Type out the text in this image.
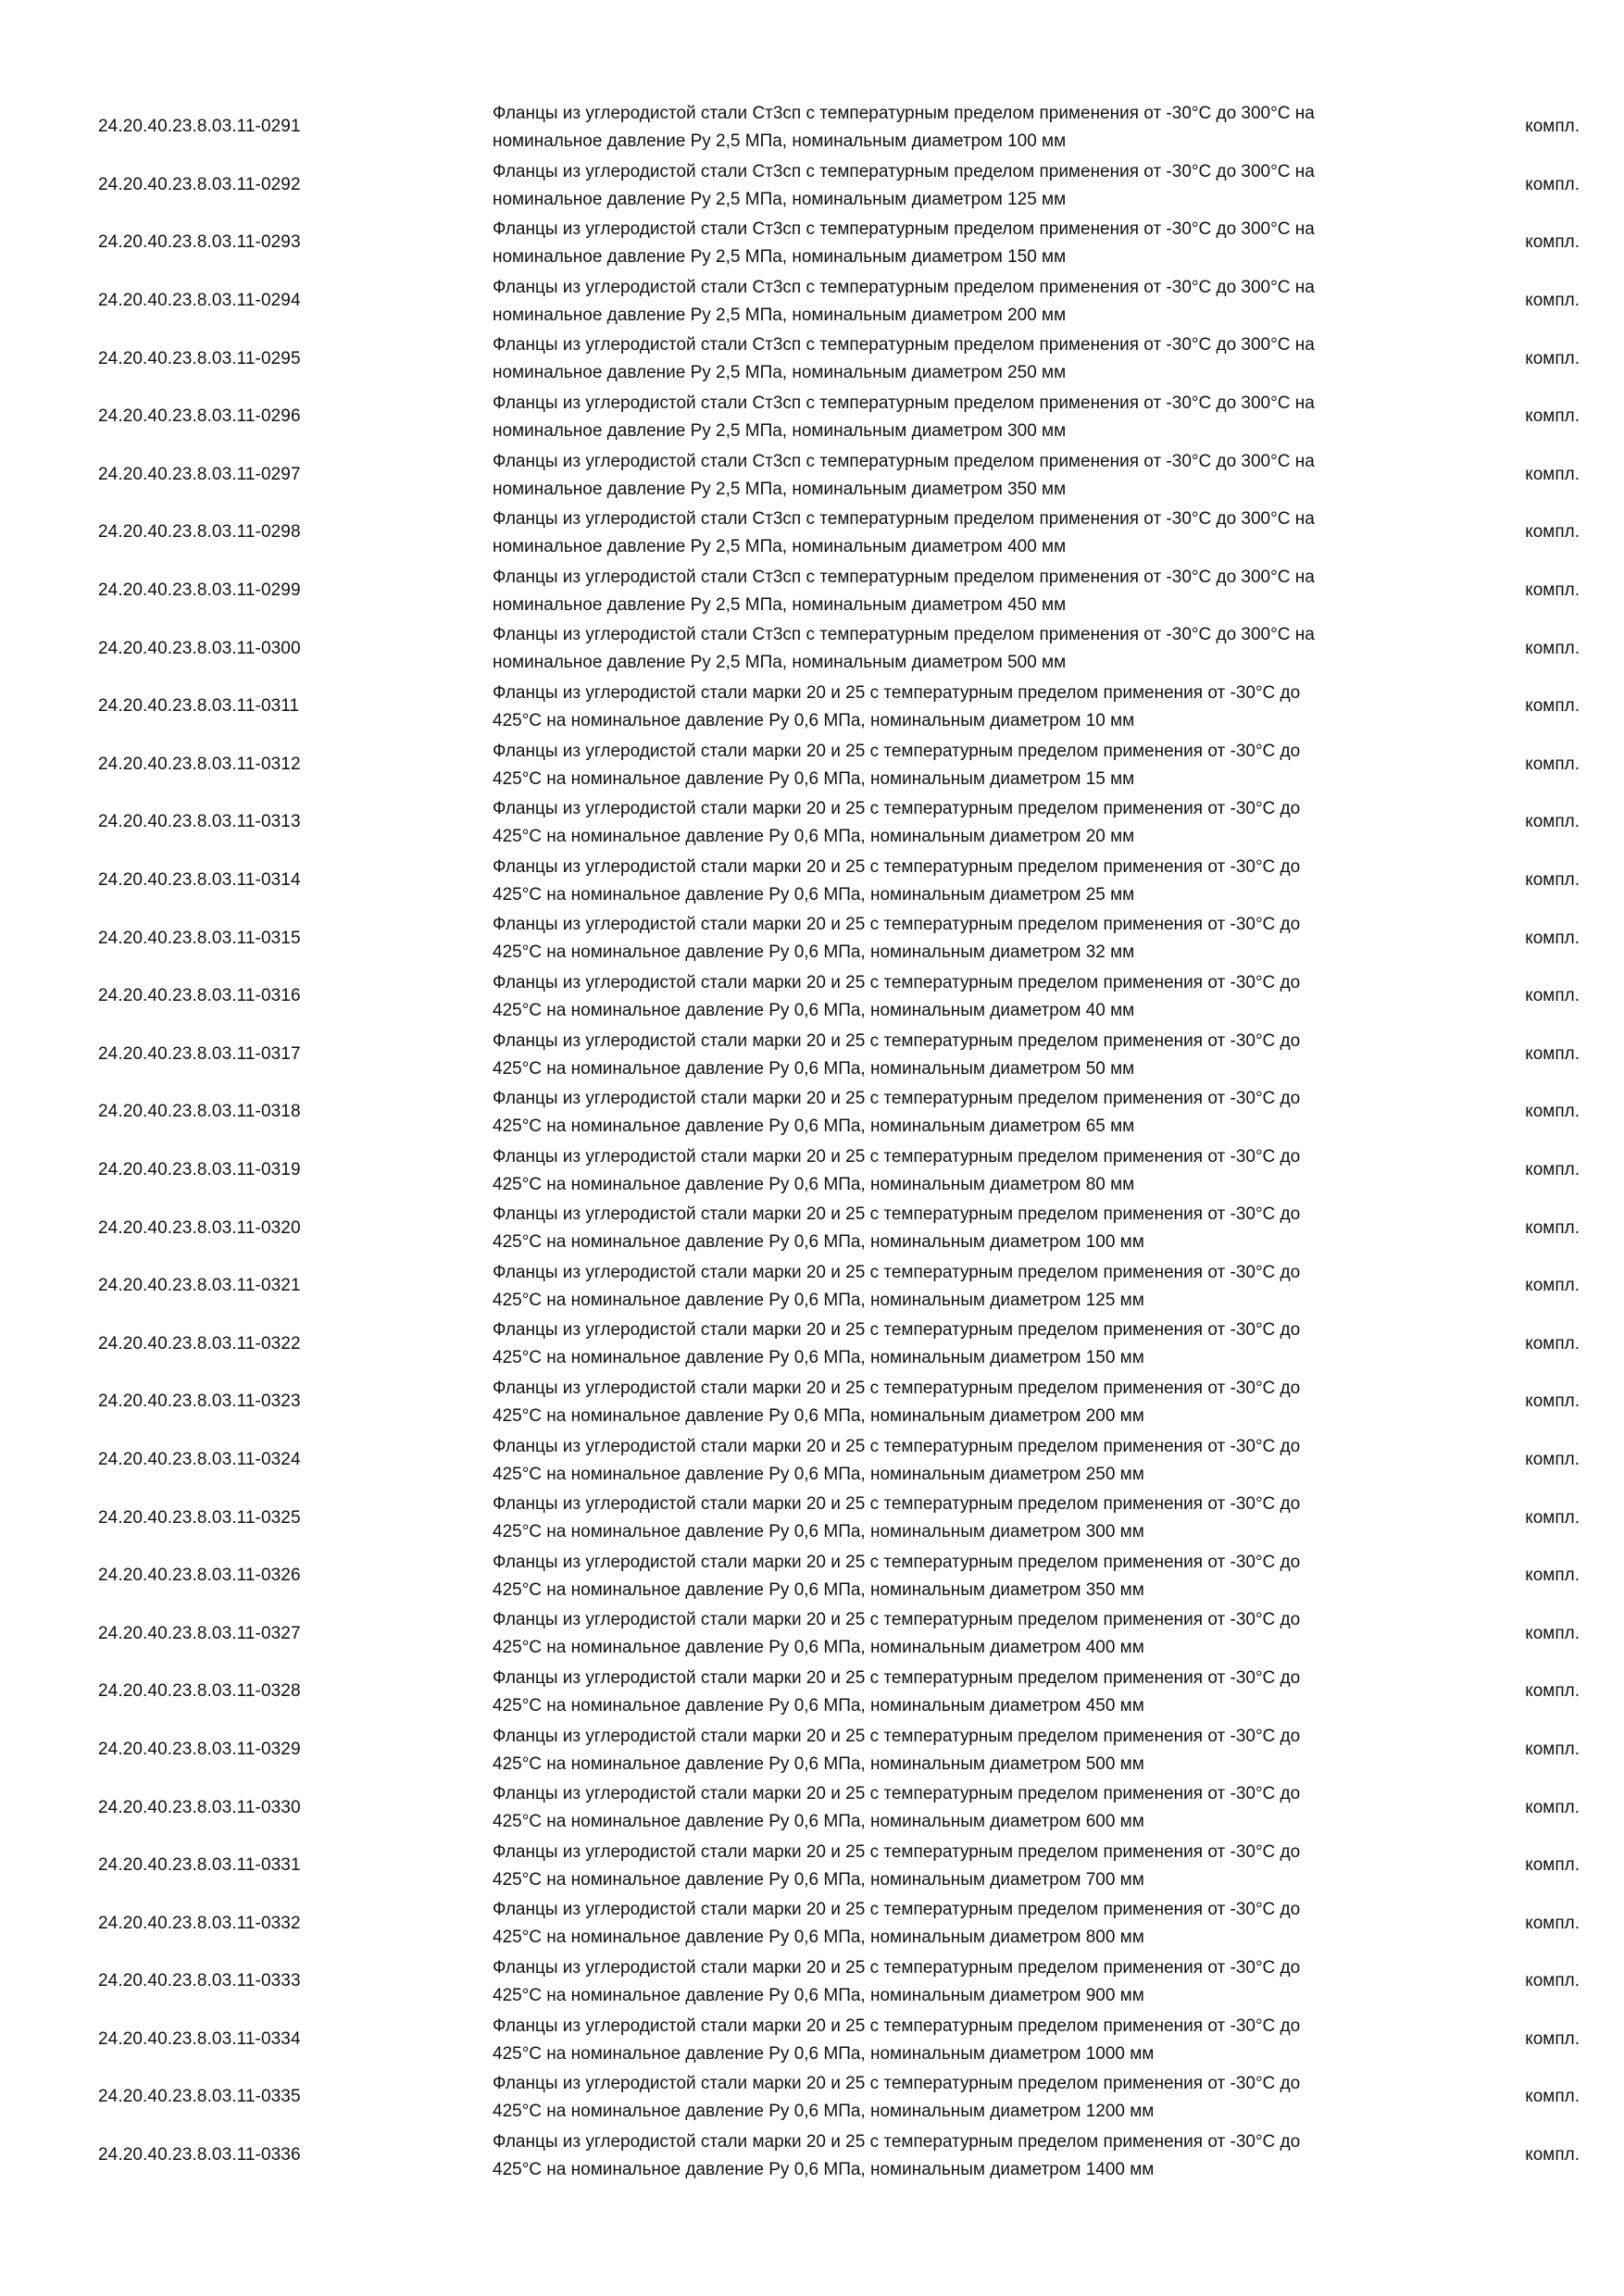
24.20.40.23.8.03.11-0291
Фланцы из углеродистой стали Ст3сп с температурным пределом применения от -30°С до 300°С на
номинальное давление Ру 2,5 МПа, номинальным диаметром 100 мм
компл.
24.20.40.23.8.03.11-0292
Фланцы из углеродистой стали Ст3сп с температурным пределом применения от -30°С до 300°С на
номинальное давление Ру 2,5 МПа, номинальным диаметром 125 мм
компл.
24.20.40.23.8.03.11-0293
Фланцы из углеродистой стали Ст3сп с температурным пределом применения от -30°С до 300°С на
номинальное давление Ру 2,5 МПа, номинальным диаметром 150 мм
компл.
24.20.40.23.8.03.11-0294
Фланцы из углеродистой стали Ст3сп с температурным пределом применения от -30°С до 300°С на
номинальное давление Ру 2,5 МПа, номинальным диаметром 200 мм
компл.
24.20.40.23.8.03.11-0295
Фланцы из углеродистой стали Ст3сп с температурным пределом применения от -30°С до 300°С на
номинальное давление Ру 2,5 МПа, номинальным диаметром 250 мм
компл.
24.20.40.23.8.03.11-0296
Фланцы из углеродистой стали Ст3сп с температурным пределом применения от -30°С до 300°С на
номинальное давление Ру 2,5 МПа, номинальным диаметром 300 мм
компл.
24.20.40.23.8.03.11-0297
Фланцы из углеродистой стали Ст3сп с температурным пределом применения от -30°С до 300°С на
номинальное давление Ру 2,5 МПа, номинальным диаметром 350 мм
компл.
24.20.40.23.8.03.11-0298
Фланцы из углеродистой стали Ст3сп с температурным пределом применения от -30°С до 300°С на
номинальное давление Ру 2,5 МПа, номинальным диаметром 400 мм
компл.
24.20.40.23.8.03.11-0299
Фланцы из углеродистой стали Ст3сп с температурным пределом применения от -30°С до 300°С на
номинальное давление Ру 2,5 МПа, номинальным диаметром 450 мм
компл.
24.20.40.23.8.03.11-0300
Фланцы из углеродистой стали Ст3сп с температурным пределом применения от -30°С до 300°С на
номинальное давление Ру 2,5 МПа, номинальным диаметром 500 мм
компл.
24.20.40.23.8.03.11-0311
Фланцы из углеродистой стали марки 20 и 25 с температурным пределом применения от -30°С до
425°С на номинальное давление Ру 0,6 МПа, номинальным диаметром 10 мм
компл.
24.20.40.23.8.03.11-0312
Фланцы из углеродистой стали марки 20 и 25 с температурным пределом применения от -30°С до
425°С на номинальное давление Ру 0,6 МПа, номинальным диаметром 15 мм
компл.
24.20.40.23.8.03.11-0313
Фланцы из углеродистой стали марки 20 и 25 с температурным пределом применения от -30°С до
425°С на номинальное давление Ру 0,6 МПа, номинальным диаметром 20 мм
компл.
24.20.40.23.8.03.11-0314
Фланцы из углеродистой стали марки 20 и 25 с температурным пределом применения от -30°С до
425°С на номинальное давление Ру 0,6 МПа, номинальным диаметром 25 мм
компл.
24.20.40.23.8.03.11-0315
Фланцы из углеродистой стали марки 20 и 25 с температурным пределом применения от -30°С до
425°С на номинальное давление Ру 0,6 МПа, номинальным диаметром 32 мм
компл.
24.20.40.23.8.03.11-0316
Фланцы из углеродистой стали марки 20 и 25 с температурным пределом применения от -30°С до
425°С на номинальное давление Ру 0,6 МПа, номинальным диаметром 40 мм
компл.
24.20.40.23.8.03.11-0317
Фланцы из углеродистой стали марки 20 и 25 с температурным пределом применения от -30°С до
425°С на номинальное давление Ру 0,6 МПа, номинальным диаметром 50 мм
компл.
24.20.40.23.8.03.11-0318
Фланцы из углеродистой стали марки 20 и 25 с температурным пределом применения от -30°С до
425°С на номинальное давление Ру 0,6 МПа, номинальным диаметром 65 мм
компл.
24.20.40.23.8.03.11-0319
Фланцы из углеродистой стали марки 20 и 25 с температурным пределом применения от -30°С до
425°С на номинальное давление Ру 0,6 МПа, номинальным диаметром 80 мм
компл.
24.20.40.23.8.03.11-0320
Фланцы из углеродистой стали марки 20 и 25 с температурным пределом применения от -30°С до
425°С на номинальное давление Ру 0,6 МПа, номинальным диаметром 100 мм
компл.
24.20.40.23.8.03.11-0321
Фланцы из углеродистой стали марки 20 и 25 с температурным пределом применения от -30°С до
425°С на номинальное давление Ру 0,6 МПа, номинальным диаметром 125 мм
компл.
24.20.40.23.8.03.11-0322
Фланцы из углеродистой стали марки 20 и 25 с температурным пределом применения от -30°С до
425°С на номинальное давление Ру 0,6 МПа, номинальным диаметром 150 мм
компл.
24.20.40.23.8.03.11-0323
Фланцы из углеродистой стали марки 20 и 25 с температурным пределом применения от -30°С до
425°С на номинальное давление Ру 0,6 МПа, номинальным диаметром 200 мм
компл.
24.20.40.23.8.03.11-0324
Фланцы из углеродистой стали марки 20 и 25 с температурным пределом применения от -30°С до
425°С на номинальное давление Ру 0,6 МПа, номинальным диаметром 250 мм
компл.
24.20.40.23.8.03.11-0325
Фланцы из углеродистой стали марки 20 и 25 с температурным пределом применения от -30°С до
425°С на номинальное давление Ру 0,6 МПа, номинальным диаметром 300 мм
компл.
24.20.40.23.8.03.11-0326
Фланцы из углеродистой стали марки 20 и 25 с температурным пределом применения от -30°С до
425°С на номинальное давление Ру 0,6 МПа, номинальным диаметром 350 мм
компл.
24.20.40.23.8.03.11-0327
Фланцы из углеродистой стали марки 20 и 25 с температурным пределом применения от -30°С до
425°С на номинальное давление Ру 0,6 МПа, номинальным диаметром 400 мм
компл.
24.20.40.23.8.03.11-0328
Фланцы из углеродистой стали марки 20 и 25 с температурным пределом применения от -30°С до
425°С на номинальное давление Ру 0,6 МПа, номинальным диаметром 450 мм
компл.
24.20.40.23.8.03.11-0329
Фланцы из углеродистой стали марки 20 и 25 с температурным пределом применения от -30°С до
425°С на номинальное давление Ру 0,6 МПа, номинальным диаметром 500 мм
компл.
24.20.40.23.8.03.11-0330
Фланцы из углеродистой стали марки 20 и 25 с температурным пределом применения от -30°С до
425°С на номинальное давление Ру 0,6 МПа, номинальным диаметром 600 мм
компл.
24.20.40.23.8.03.11-0331
Фланцы из углеродистой стали марки 20 и 25 с температурным пределом применения от -30°С до
425°С на номинальное давление Ру 0,6 МПа, номинальным диаметром 700 мм
компл.
24.20.40.23.8.03.11-0332
Фланцы из углеродистой стали марки 20 и 25 с температурным пределом применения от -30°С до
425°С на номинальное давление Ру 0,6 МПа, номинальным диаметром 800 мм
компл.
24.20.40.23.8.03.11-0333
Фланцы из углеродистой стали марки 20 и 25 с температурным пределом применения от -30°С до
425°С на номинальное давление Ру 0,6 МПа, номинальным диаметром 900 мм
компл.
24.20.40.23.8.03.11-0334
Фланцы из углеродистой стали марки 20 и 25 с температурным пределом применения от -30°С до
425°С на номинальное давление Ру 0,6 МПа, номинальным диаметром 1000 мм
компл.
24.20.40.23.8.03.11-0335
Фланцы из углеродистой стали марки 20 и 25 с температурным пределом применения от -30°С до
425°С на номинальное давление Ру 0,6 МПа, номинальным диаметром 1200 мм
компл.
24.20.40.23.8.03.11-0336
Фланцы из углеродистой стали марки 20 и 25 с температурным пределом применения от -30°С до
425°С на номинальное давление Ру 0,6 МПа, номинальным диаметром 1400 мм
компл.
